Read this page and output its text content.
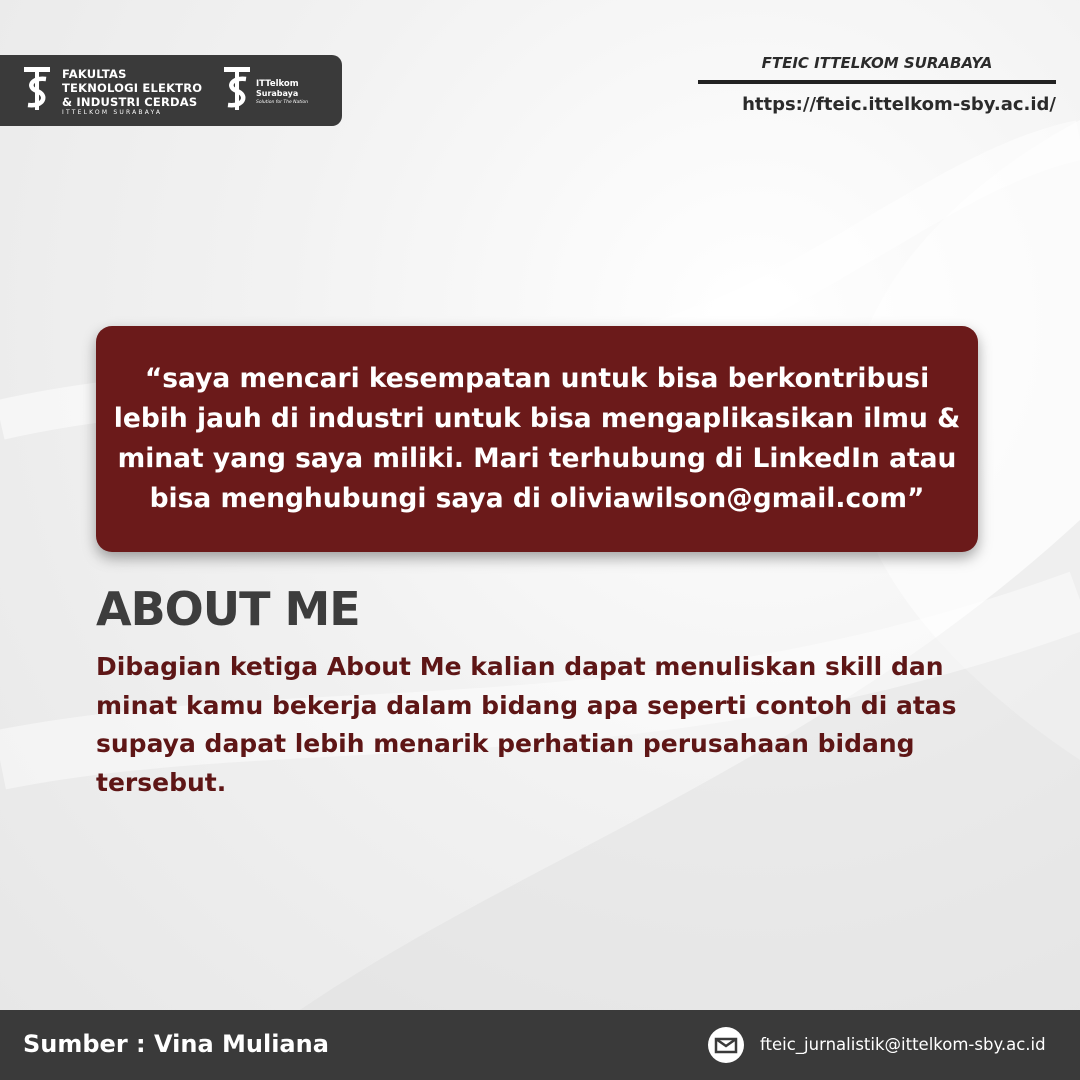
FAKULTAS
TEKNOLOGI ELEKTRO
& INDUSTRI CERDAS
ITTELKOM SURABAYA
ITTelkom
Surabaya
Solution for The Nation
FTEIC ITTELKOM SURABAYA
https://fteic.ittelkom-sby.ac.id/

“saya mencari kesempatan untuk bisa berkontribusi lebih jauh di industri untuk bisa mengaplikasikan ilmu & minat yang saya miliki. Mari terhubung di LinkedIn atau bisa menghubungi saya di oliviawilson@gmail.com”

ABOUT ME

Dibagian ketiga About Me kalian dapat menuliskan skill dan minat kamu bekerja dalam bidang apa seperti contoh di atas supaya dapat lebih menarik perhatian perusahaan bidang tersebut.

Sumber : Vina Muliana	fteic_jurnalistik@ittelkom-sby.ac.id
